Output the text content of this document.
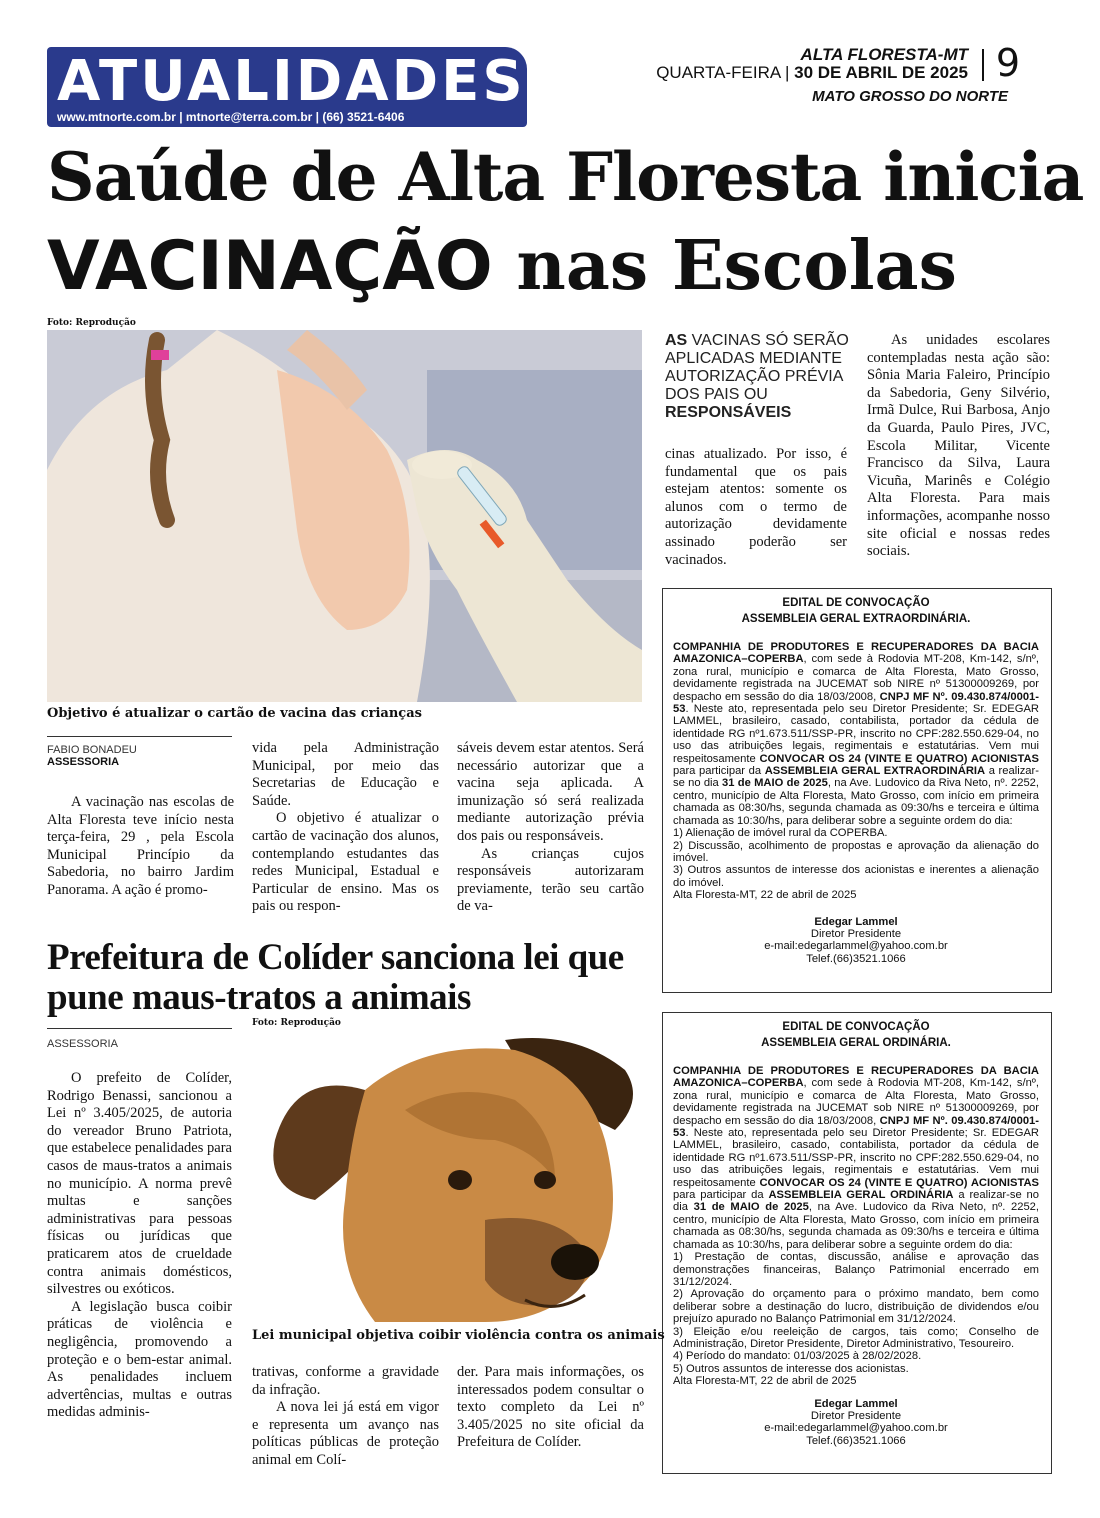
ATUALIDADES
www.mtnorte.com.br | mtnorte@terra.com.br | (66) 3521-6406
ALTA FLORESTA-MT
QUARTA-FEIRA | 30 DE ABRIL DE 2025 9
MATO GROSSO DO NORTE
Saúde de Alta Floresta inicia
VACINAÇÃO nas Escolas
Foto: Reprodução
Objetivo é atualizar o cartão de vacina das crianças
FABIO BONADEU
ASSESSORIA

A vacinação nas escolas de Alta Floresta teve início nesta terça-feira, 29 , pela Escola Municipal Princípio da Sabedoria, no bairro Jardim Panorama. A ação é promo-

vida pela Administração Municipal, por meio das Secretarias de Educação e Saúde.

O objetivo é atualizar o cartão de vacinação dos alunos, contemplando estudantes das redes Municipal, Estadual e Particular de ensino. Mas os pais ou respon-

sáveis devem estar atentos. Será necessário autorizar que a vacina seja aplicada. A imunização só será realizada mediante autorização prévia dos pais ou responsáveis.

As crianças cujos responsáveis autorizaram previamente, terão seu cartão de va-

AS VACINAS SÓ SERÃO APLICADAS MEDIANTE AUTORIZAÇÃO PRÉVIA DOS PAIS OU RESPONSÁVEIS

cinas atualizado. Por isso, é fundamental que os pais estejam atentos: somente os alunos com o termo de autorização devidamente assinado poderão ser vacinados.

As unidades escolares contempladas nesta ação são: Sônia Maria Faleiro, Princípio da Sabedoria, Geny Silvério, Irmã Dulce, Rui Barbosa, Anjo da Guarda, Paulo Pires, JVC, Escola Militar, Vicente Francisco da Silva, Laura Vicuña, Marinês e Colégio Alta Floresta. Para mais informações, acompanhe nosso site oficial e nossas redes sociais.

EDITAL DE CONVOCAÇÃO
ASSEMBLEIA GERAL EXTRAORDINÁRIA.
COMPANHIA DE PRODUTORES E RECUPERADORES DA BACIA AMAZONICA–COPERBA, com sede à Rodovia MT-208, Km-142, s/nº, zona rural, município e comarca de Alta Floresta, Mato Grosso, devidamente registrada na JUCEMAT sob NIRE nº 51300009269, por despacho em sessão do dia 18/03/2008, CNPJ MF Nº. 09.430.874/0001-53. Neste ato, representada pelo seu Diretor Presidente; Sr. EDEGAR LAMMEL, brasileiro, casado, contabilista, portador da cédula de identidade RG nº1.673.511/SSP-PR, inscrito no CPF:282.550.629-04, no uso das atribuições legais, regimentais e estatutárias. Vem mui respeitosamente CONVOCAR OS 24 (VINTE E QUATRO) ACIONISTAS para participar da ASSEMBLEIA GERAL EXTRAORDINÁRIA a realizar-se no dia 31 de MAIO de 2025, na Ave. Ludovico da Riva Neto, nº. 2252, centro, município de Alta Floresta, Mato Grosso, com início em primeira chamada as 08:30/hs, segunda chamada as 09:30/hs e terceira e última chamada as 10:30/hs, para deliberar sobre a seguinte ordem do dia:
1) Alienação de imóvel rural da COPERBA.
2) Discussão, acolhimento de propostas e aprovação da alienação do imóvel.
3) Outros assuntos de interesse dos acionistas e inerentes a alienação do imóvel.
Alta Floresta-MT, 22 de abril de 2025
Edegar Lammel
Diretor Presidente
e-mail:edegarlammel@yahoo.com.br
Telef.(66)3521.1066
EDITAL DE CONVOCAÇÃO
ASSEMBLEIA GERAL ORDINÁRIA.
COMPANHIA DE PRODUTORES E RECUPERADORES DA BACIA AMAZONICA–COPERBA, com sede à Rodovia MT-208, Km-142, s/nº, zona rural, município e comarca de Alta Floresta, Mato Grosso, devidamente registrada na JUCEMAT sob NIRE nº 51300009269, por despacho em sessão do dia 18/03/2008, CNPJ MF Nº. 09.430.874/0001-53. Neste ato, representada pelo seu Diretor Presidente; Sr. EDEGAR LAMMEL, brasileiro, casado, contabilista, portador da cédula de identidade RG nº1.673.511/SSP-PR, inscrito no CPF:282.550.629-04, no uso das atribuições legais, regimentais e estatutárias. Vem mui respeitosamente CONVOCAR OS 24 (VINTE E QUATRO) ACIONISTAS para participar da ASSEMBLEIA GERAL ORDINÁRIA a realizar-se no dia 31 de MAIO de 2025, na Ave. Ludovico da Riva Neto, nº. 2252, centro, município de Alta Floresta, Mato Grosso, com início em primeira chamada as 08:30/hs, segunda chamada as 09:30/hs e terceira e última chamada as 10:30/hs, para deliberar sobre a seguinte ordem do dia:
1) Prestação de contas, discussão, análise e aprovação das demonstrações financeiras, Balanço Patrimonial encerrado em 31/12/2024.
2) Aprovação do orçamento para o próximo mandato, bem como deliberar sobre a destinação do lucro, distribuição de dividendos e/ou prejuízo apurado no Balanço Patrimonial em 31/12/2024.
3) Eleição e/ou reeleição de cargos, tais como; Conselho de Administração, Diretor Presidente, Diretor Administrativo, Tesoureiro.
4) Período do mandato: 01/03/2025 à 28/02/2028.
5) Outros assuntos de interesse dos acionistas.
Alta Floresta-MT, 22 de abril de 2025
Edegar Lammel
Diretor Presidente
e-mail:edegarlammel@yahoo.com.br
Telef.(66)3521.1066
Prefeitura de Colíder sanciona lei que pune maus-tratos a animais
ASSESSORIA
Foto: Reprodução
Lei municipal objetiva coibir violência contra os animais

O prefeito de Colíder, Rodrigo Benassi, sancionou a Lei nº 3.405/2025, de autoria do vereador Bruno Patriota, que estabelece penalidades para casos de maus-tratos a animais no município. A norma prevê multas e sanções administrativas para pessoas físicas ou jurídicas que praticarem atos de crueldade contra animais domésticos, silvestres ou exóticos.

A legislação busca coibir práticas de violência e negligência, promovendo a proteção e o bem-estar animal. As penalidades incluem advertências, multas e outras medidas adminis-

trativas, conforme a gravidade da infração.

A nova lei já está em vigor e representa um avanço nas políticas públicas de proteção animal em Colí-

der. Para mais informações, os interessados podem consultar o texto completo da Lei nº 3.405/2025 no site oficial da Prefeitura de Colíder.
